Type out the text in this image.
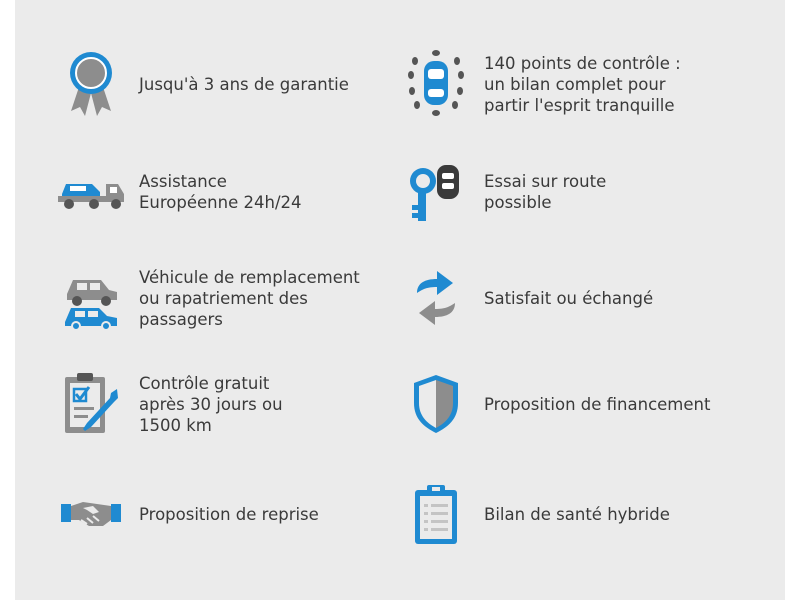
Jusqu'à 3 ans de garantie
140 points de contrôle :
un bilan complet pour
partir l'esprit tranquille
Assistance
Européenne 24h/24
Essai sur route
possible
Véhicule de remplacement
ou rapatriement des
passagers
Satisfait ou échangé
Contrôle gratuit
après 30 jours ou
1500 km
Proposition de financement
Proposition de reprise	Bilan de santé hybride
